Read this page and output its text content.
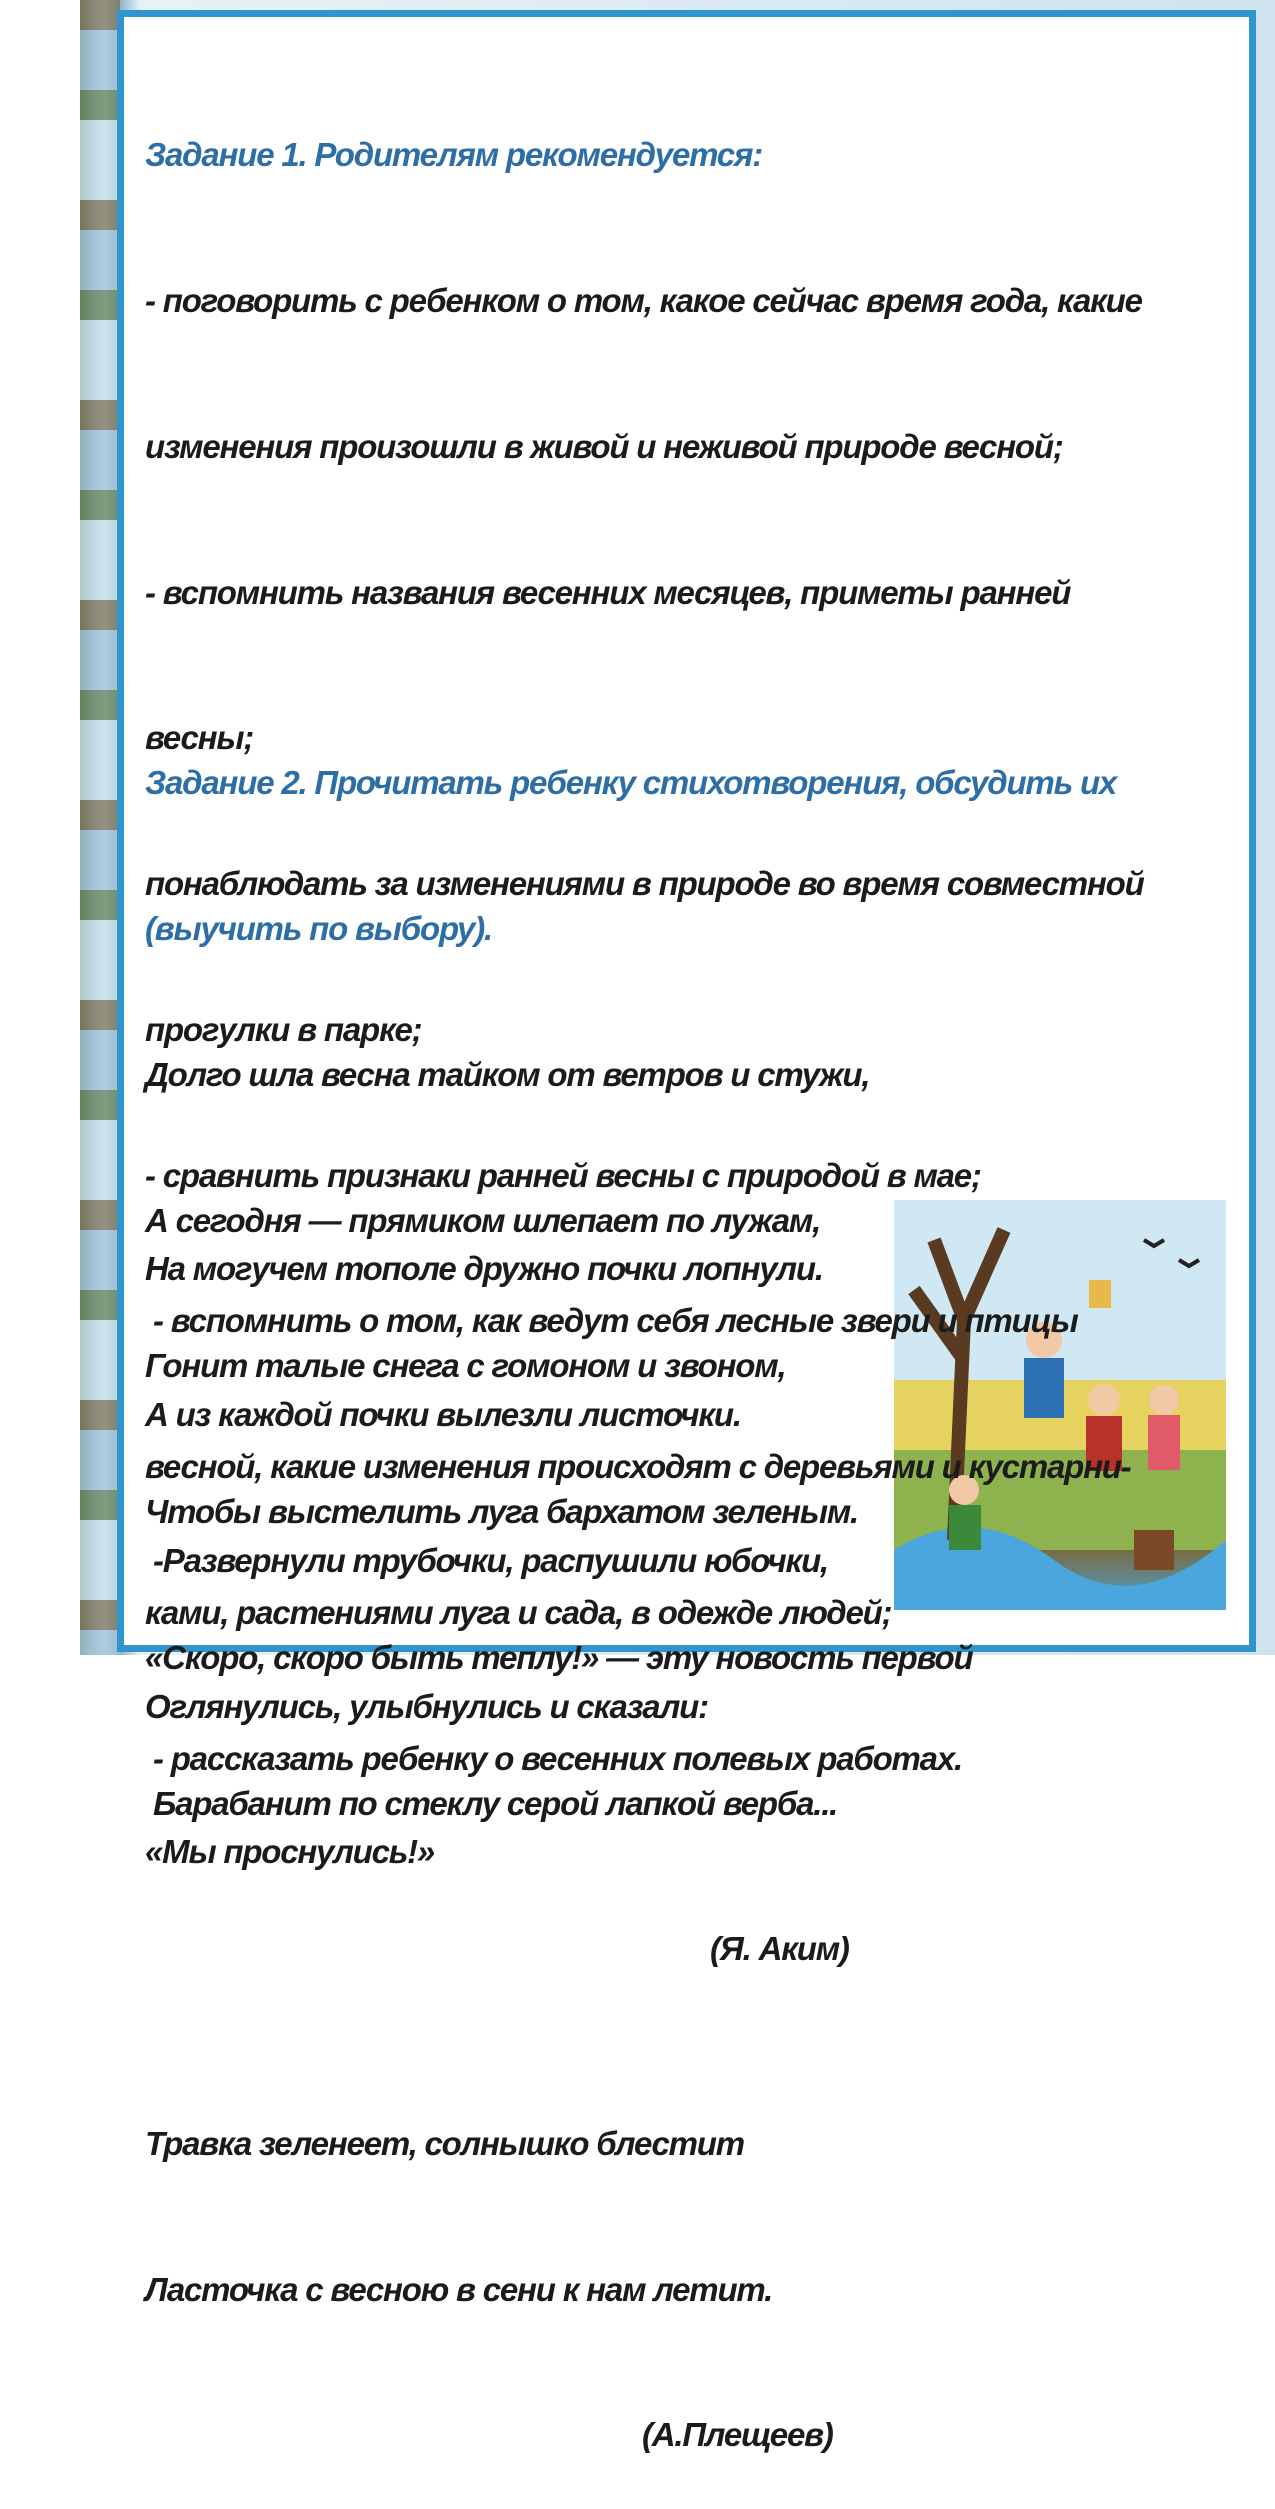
Задание 1. Родителям рекомендуется:

- поговорить с ребенком о том, какое сейчас время года, какие

изменения произошли в живой и неживой природе весной;

- вспомнить названия весенних месяцев, приметы ранней

весны;

понаблюдать за изменениями в природе во время совместной

прогулки в парке;

- сравнить признаки ранней весны с природой в мае;

- вспомнить о том, как ведут себя лесные звери и птицы

весной, какие изменения происходят с деревьями и кустарни-

ками, растениями луга и сада, в одежде людей;

- рассказать ребенку о весенних полевых работах.

Задание 2. Прочитать ребенку стихотворения, обсудить их

(выучить по выбору).

Долго шла весна тайком от ветров и стужи,

А сегодня — прямиком шлепает по лужам,

Гонит талые снега с гомоном и звоном,

Чтобы выстелить луга бархатом зеленым.

«Скоро, скоро быть теплу!» — эту новость первой

Барабанит по стеклу серой лапкой верба...

(Я. Аким)

На могучем тополе дружно почки лопнули.

А из каждой почки вылезли листочки.

-Развернули трубочки, распушили юбочки,

Оглянулись, улыбнулись и сказали:

«Мы проснулись!»

Травка зеленеет, солнышко блестит

Ласточка с весною в сени к нам летит.

(А.Плещеев)
